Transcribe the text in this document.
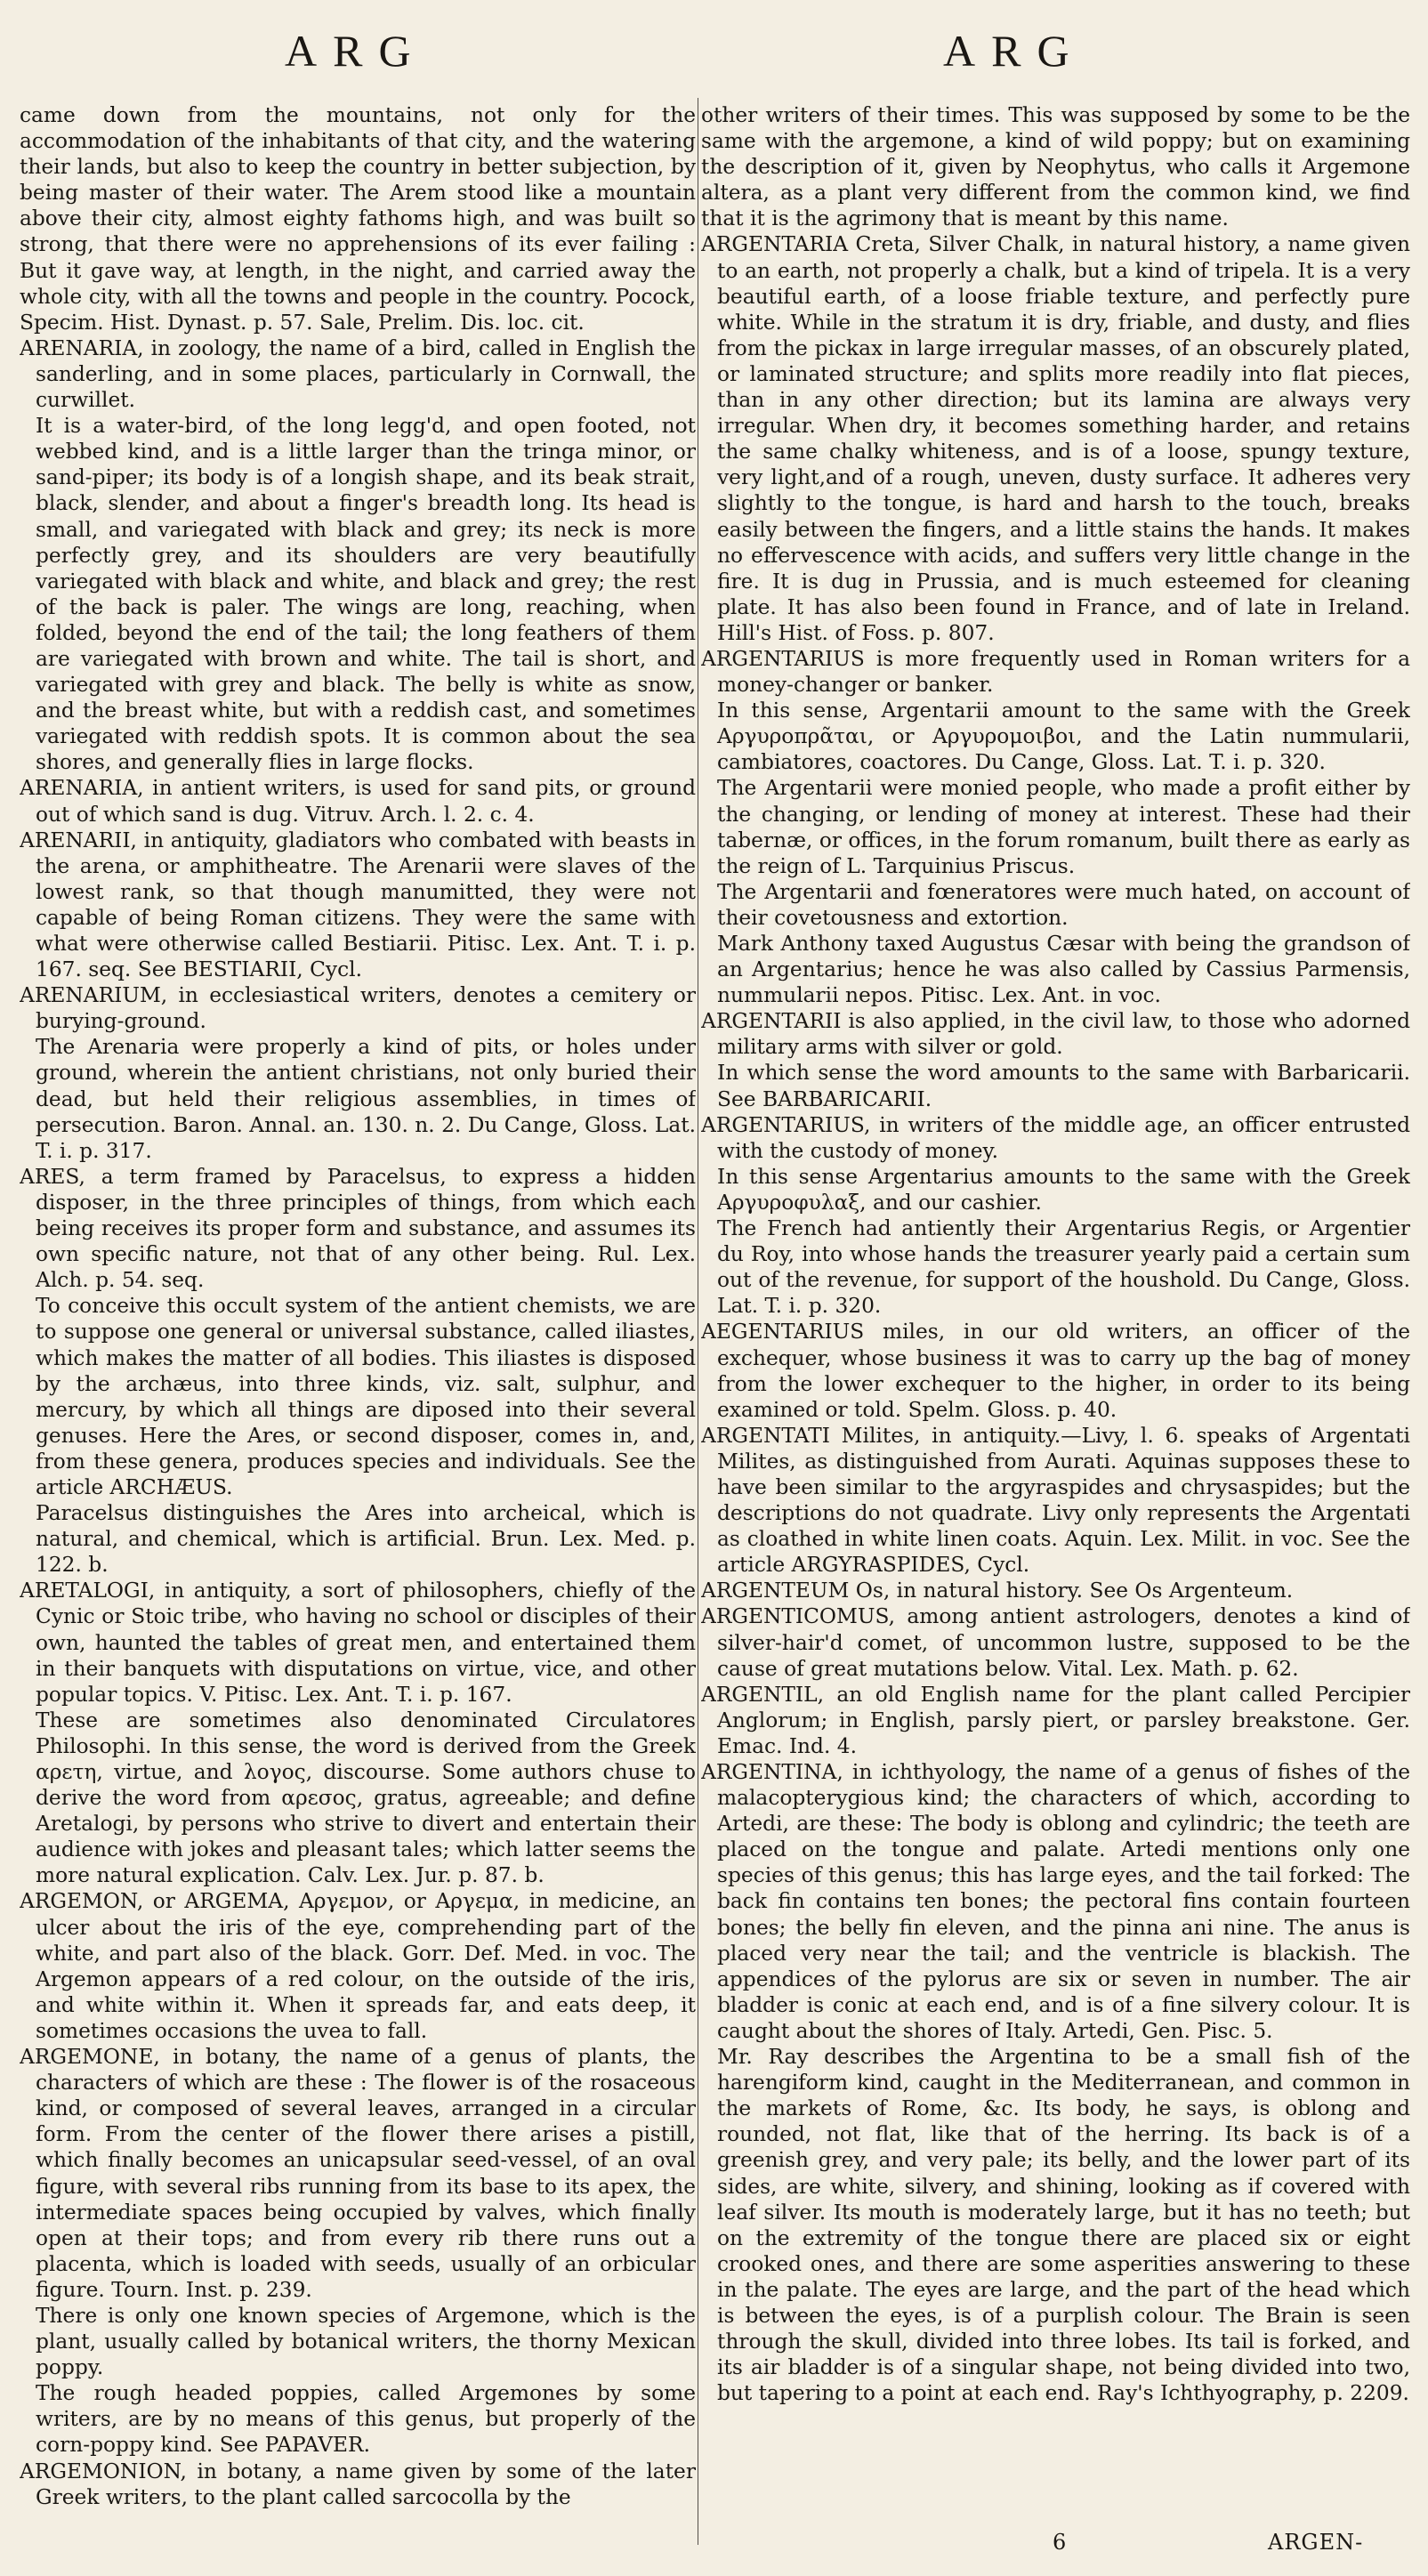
ARG	ARG

came down from the mountains, not only for the accommodation of the inhabitants of that city, and the watering their lands, but also to keep the country in better subjection, by being master of their water. The Arem stood like a mountain above their city, almost eighty fathoms high, and was built so strong, that there were no apprehensions of its ever failing : But it gave way, at length, in the night, and carried away the whole city, with all the towns and people in the country. Pocock, Specim. Hist. Dynast. p. 57. Sale, Prelim. Dis. loc. cit.

ARENARIA, in zoology, the name of a bird, called in English the sanderling, and in some places, particularly in Cornwall, the curwillet.

It is a water-bird, of the long legg'd, and open footed, not webbed kind, and is a little larger than the tringa minor, or sand-piper; its body is of a longish shape, and its beak strait, black, slender, and about a finger's breadth long. Its head is small, and variegated with black and grey; its neck is more perfectly grey, and its shoulders are very beautifully variegated with black and white, and black and grey; the rest of the back is paler. The wings are long, reaching, when folded, beyond the end of the tail; the long feathers of them are variegated with brown and white. The tail is short, and variegated with grey and black. The belly is white as snow, and the breast white, but with a reddish cast, and sometimes variegated with reddish spots. It is common about the sea shores, and generally flies in large flocks.

ARENARIA, in antient writers, is used for sand pits, or ground out of which sand is dug. Vitruv. Arch. l. 2. c. 4.

ARENARII, in antiquity, gladiators who combated with beasts in the arena, or amphitheatre. The Arenarii were slaves of the lowest rank, so that though manumitted, they were not capable of being Roman citizens. They were the same with what were otherwise called Bestiarii. Pitisc. Lex. Ant. T. i. p. 167. seq. See BESTIARII, Cycl.

ARENARIUM, in ecclesiastical writers, denotes a cemitery or burying-ground.

The Arenaria were properly a kind of pits, or holes under ground, wherein the antient christians, not only buried their dead, but held their religious assemblies, in times of persecution. Baron. Annal. an. 130. n. 2. Du Cange, Gloss. Lat. T. i. p. 317.

ARES, a term framed by Paracelsus, to express a hidden disposer, in the three principles of things, from which each being receives its proper form and substance, and assumes its own specific nature, not that of any other being. Rul. Lex. Alch. p. 54. seq.

To conceive this occult system of the antient chemists, we are to suppose one general or universal substance, called iliastes, which makes the matter of all bodies. This iliastes is disposed by the archæus, into three kinds, viz. salt, sulphur, and mercury, by which all things are diposed into their several genuses. Here the Ares, or second disposer, comes in, and, from these genera, produces species and individuals. See the article ARCHÆUS.

Paracelsus distinguishes the Ares into archeical, which is natural, and chemical, which is artificial. Brun. Lex. Med. p. 122. b.

ARETALOGI, in antiquity, a sort of philosophers, chiefly of the Cynic or Stoic tribe, who having no school or disciples of their own, haunted the tables of great men, and entertained them in their banquets with disputations on virtue, vice, and other popular topics. V. Pitisc. Lex. Ant. T. i. p. 167.

These are sometimes also denominated Circulatores Philosophi. In this sense, the word is derived from the Greek αρετη, virtue, and λογος, discourse. Some authors chuse to derive the word from αρεσος, gratus, agreeable; and define Aretalogi, by persons who strive to divert and entertain their audience with jokes and pleasant tales; which latter seems the more natural explication. Calv. Lex. Jur. p. 87. b.

ARGEMON, or ARGEMA, Αργεμον, or Αργεμα, in medicine, an ulcer about the iris of the eye, comprehending part of the white, and part also of the black. Gorr. Def. Med. in voc. The Argemon appears of a red colour, on the outside of the iris, and white within it. When it spreads far, and eats deep, it sometimes occasions the uvea to fall.

ARGEMONE, in botany, the name of a genus of plants, the characters of which are these : The flower is of the rosaceous kind, or composed of several leaves, arranged in a circular form. From the center of the flower there arises a pistill, which finally becomes an unicapsular seed-vessel, of an oval figure, with several ribs running from its base to its apex, the intermediate spaces being occupied by valves, which finally open at their tops; and from every rib there runs out a placenta, which is loaded with seeds, usually of an orbicular figure. Tourn. Inst. p. 239.

There is only one known species of Argemone, which is the plant, usually called by botanical writers, the thorny Mexican poppy.

The rough headed poppies, called Argemones by some writers, are by no means of this genus, but properly of the corn-poppy kind. See PAPAVER.

ARGEMONION, in botany, a name given by some of the later Greek writers, to the plant called sarcocolla by the

other writers of their times. This was supposed by some to be the same with the argemone, a kind of wild poppy; but on examining the description of it, given by Neophytus, who calls it Argemone altera, as a plant very different from the common kind, we find that it is the agrimony that is meant by this name.

ARGENTARIA Creta, Silver Chalk, in natural history, a name given to an earth, not properly a chalk, but a kind of tripela. It is a very beautiful earth, of a loose friable texture, and perfectly pure white. While in the stratum it is dry, friable, and dusty, and flies from the pickax in large irregular masses, of an obscurely plated, or laminated structure; and splits more readily into flat pieces, than in any other direction; but its lamina are always very irregular. When dry, it becomes something harder, and retains the same chalky whiteness, and is of a loose, spungy texture, very light,and of a rough, uneven, dusty surface. It adheres very slightly to the tongue, is hard and harsh to the touch, breaks easily between the fingers, and a little stains the hands. It makes no effervescence with acids, and suffers very little change in the fire. It is dug in Prussia, and is much esteemed for cleaning plate. It has also been found in France, and of late in Ireland. Hill's Hist. of Foss. p. 807.

ARGENTARIUS is more frequently used in Roman writers for a money-changer or banker.

In this sense, Argentarii amount to the same with the Greek Αργυροπρᾶται, or Αργυρομοιβοι, and the Latin nummularii, cambiatores, coactores. Du Cange, Gloss. Lat. T. i. p. 320.

The Argentarii were monied people, who made a profit either by the changing, or lending of money at interest. These had their tabernæ, or offices, in the forum romanum, built there as early as the reign of L. Tarquinius Priscus.

The Argentarii and fœneratores were much hated, on account of their covetousness and extortion.

Mark Anthony taxed Augustus Cæsar with being the grandson of an Argentarius; hence he was also called by Cassius Parmensis, nummularii nepos. Pitisc. Lex. Ant. in voc.

ARGENTARII is also applied, in the civil law, to those who adorned military arms with silver or gold.

In which sense the word amounts to the same with Barbaricarii. See BARBARICARII.

ARGENTARIUS, in writers of the middle age, an officer entrusted with the custody of money.

In this sense Argentarius amounts to the same with the Greek Αργυροφυλαξ, and our cashier.

The French had antiently their Argentarius Regis, or Argentier du Roy, into whose hands the treasurer yearly paid a certain sum out of the revenue, for support of the houshold. Du Cange, Gloss. Lat. T. i. p. 320.

AEGENTARIUS miles, in our old writers, an officer of the exchequer, whose business it was to carry up the bag of money from the lower exchequer to the higher, in order to its being examined or told. Spelm. Gloss. p. 40.

ARGENTATI Milites, in antiquity.—Livy, l. 6. speaks of Argentati Milites, as distinguished from Aurati. Aquinas supposes these to have been similar to the argyraspides and chrysaspides; but the descriptions do not quadrate. Livy only represents the Argentati as cloathed in white linen coats. Aquin. Lex. Milit. in voc. See the article ARGYRASPIDES, Cycl.

ARGENTEUM Os, in natural history. See Os Argenteum.

ARGENTICOMUS, among antient astrologers, denotes a kind of silver-hair'd comet, of uncommon lustre, supposed to be the cause of great mutations below. Vital. Lex. Math. p. 62.

ARGENTIL, an old English name for the plant called Percipier Anglorum; in English, parsly piert, or parsley breakstone. Ger. Emac. Ind. 4.

ARGENTINA, in ichthyology, the name of a genus of fishes of the malacopterygious kind; the characters of which, according to Artedi, are these: The body is oblong and cylindric; the teeth are placed on the tongue and palate. Artedi mentions only one species of this genus; this has large eyes, and the tail forked: The back fin contains ten bones; the pectoral fins contain fourteen bones; the belly fin eleven, and the pinna ani nine. The anus is placed very near the tail; and the ventricle is blackish. The appendices of the pylorus are six or seven in number. The air bladder is conic at each end, and is of a fine silvery colour. It is caught about the shores of Italy. Artedi, Gen. Pisc. 5.

Mr. Ray describes the Argentina to be a small fish of the harengiform kind, caught in the Mediterranean, and common in the markets of Rome, &c. Its body, he says, is oblong and rounded, not flat, like that of the herring. Its back is of a greenish grey, and very pale; its belly, and the lower part of its sides, are white, silvery, and shining, looking as if covered with leaf silver. Its mouth is moderately large, but it has no teeth; but on the extremity of the tongue there are placed six or eight crooked ones, and there are some asperities answering to these in the palate. The eyes are large, and the part of the head which is between the eyes, is of a purplish colour. The Brain is seen through the skull, divided into three lobes. Its tail is forked, and its air bladder is of a singular shape, not being divided into two, but tapering to a point at each end. Ray's Ichthyography, p. 2209.

6	ARGEN-
